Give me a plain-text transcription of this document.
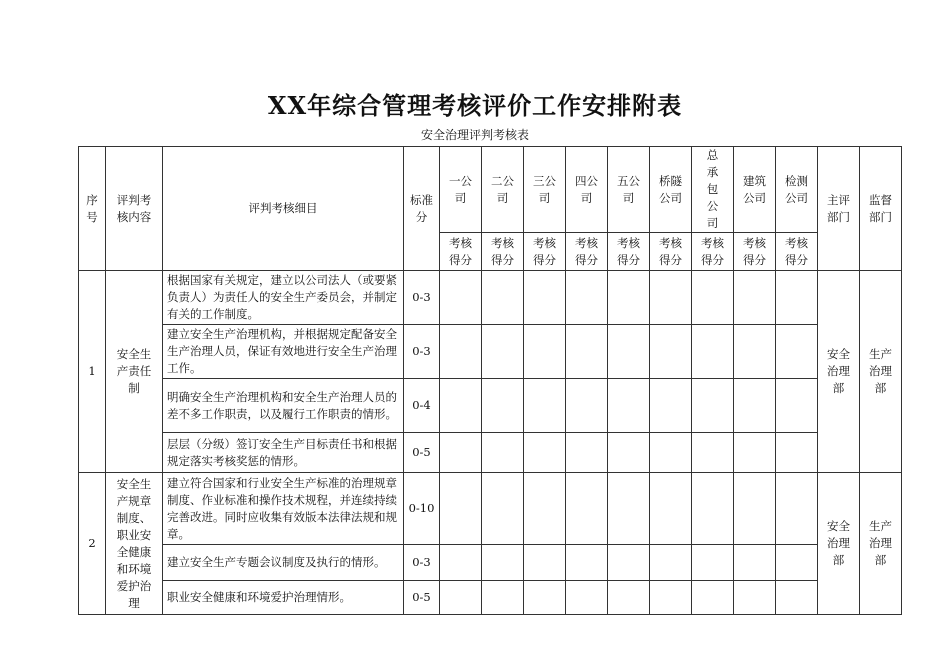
XX年综合管理考核评价工作安排附表
安全治理评判考核表
序号	评判考核内容	评判考核细目	标准分	一公司	二公司	三公司	四公司	五公司	桥隧公司	总承包公司	建筑公司	检测公司	主评部门	监督部门

				考核得分	考核得分	考核得分	考核得分	考核得分	考核得分	考核得分	考核得分	考核得分		

1	安全生产责任制	根据国家有关规定，建立以公司法人（或要紧负责人）为责任人的安全生产委员会，并制定有关的工作制度。	0-3										安全治理部	生产治理部

		建立安全生产治理机构，并根据规定配备安全生产治理人员，保证有效地进行安全生产治理工作。	0-3											
		明确安全生产治理机构和安全生产治理人员的差不多工作职责，以及履行工作职责的情形。	0-4											
		层层（分级）签订安全生产目标责任书和根据规定落实考核奖惩的情形。	0-5											
2	安全生产规章制度、职业安全健康和环境爱护治理	建立符合国家和行业安全生产标准的治理规章制度、作业标准和操作技术规程，并连续持续完善改进。同时应收集有效版本法律法规和规章。	0-10										安全治理部	生产治理部

		建立安全生产专题会议制度及执行的情形。	0-3											
		职业安全健康和环境爱护治理情形。	0-5											
